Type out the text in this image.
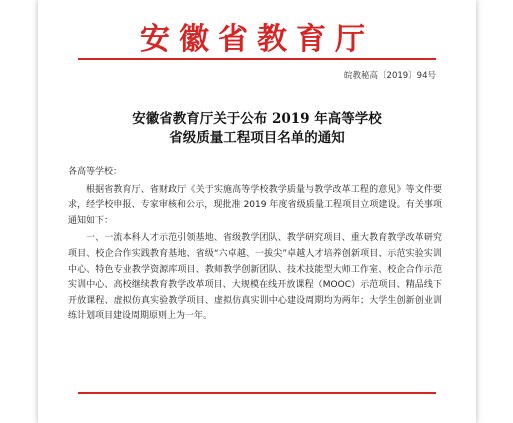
安徽省教育厅
皖教秘高〔2019〕94号
安徽省教育厅关于公布 2019 年高等学校
省级质量工程项目名单的通知
各高等学校：
根据省教育厅、省财政厅《关于实施高等学校教学质量与教学改革工程的意见》等文件要求，经学校申报、专家审核和公示，现批准 2019 年度省级质量工程项目立项建设。有关事项通知如下：
一、一流本科人才示范引领基地、省级教学团队、教学研究项目、重大教育教学改革研究项目、校企合作实践教育基地、省级“六卓越、一拔尖”卓越人才培养创新项目、示范实验实训中心、特色专业教学资源库项目、教师教学创新团队、技术技能型大师工作室、校企合作示范实训中心、高校继续教育教学改革项目、大规模在线开放课程（MOOC）示范项目、精品线下开放课程、虚拟仿真实验教学项目、虚拟仿真实训中心建设周期均为两年；大学生创新创业训练计划项目建设周期原则上为一年。
